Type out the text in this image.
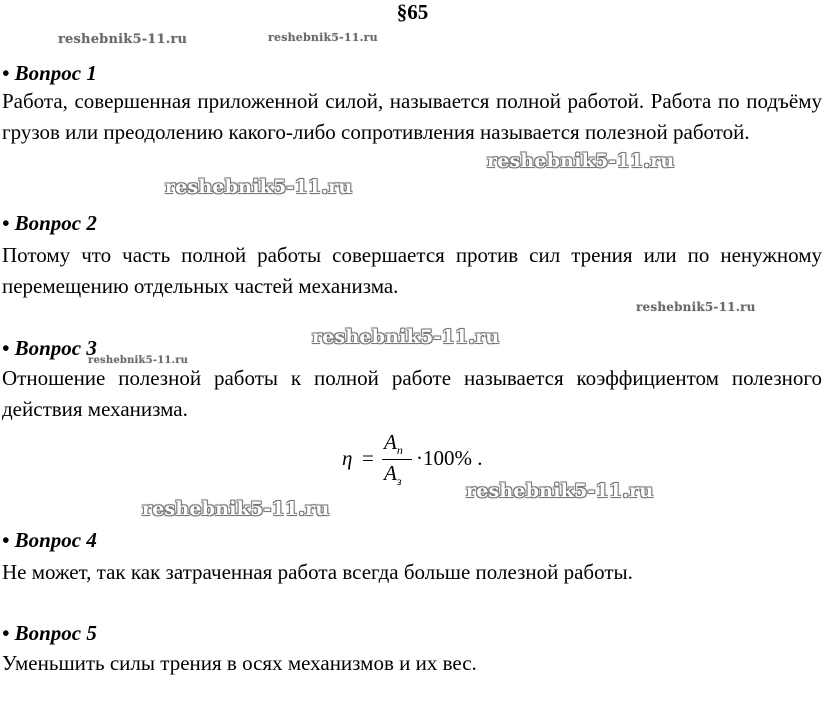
§65
• Вопрос 1
Работа, совершенная приложенной силой, называется полной работой. Работа по подъёму грузов или преодолению какого-либо сопротивления называется полезной работой.
• Вопрос 2
Потому что часть полной работы совершается против сил трения или по ненужному перемещению отдельных частей механизма.
• Вопрос 3
Отношение полезной работы к полной работе называется коэффициентом полезного действия механизма.
η =
$A_п$
$A_з$
·100% .
• Вопрос 4
Не может, так как затраченная работа всегда больше полезной работы.
• Вопрос 5
Уменьшить силы трения в осях механизмов и их вес.
reshebnik5-11.ru	reshebnik5-11.ru
reshebnik5-11.ru
reshebnik5-11.ru
reshebnik5-11.ru
reshebnik5-11.ru
reshebnik5-11.ru
reshebnik5-11.ru
reshebnik5-11.ru
